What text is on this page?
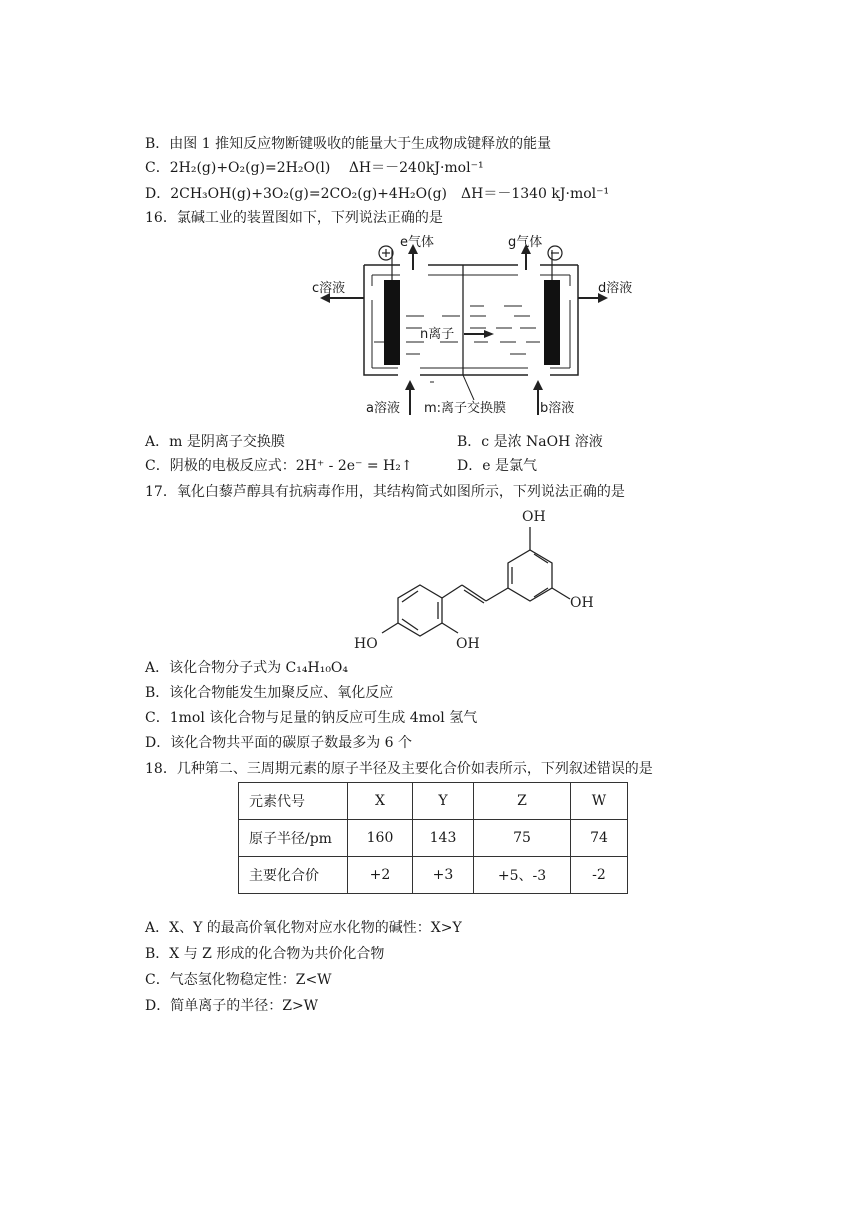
B．由图 1 推知反应物断键吸收的能量大于生成物成键释放的能量
C．2H₂(g)+O₂(g)=2H₂O(l)　 ΔH＝－240kJ·mol⁻¹
D．2CH₃OH(g)+3O₂(g)=2CO₂(g)+4H₂O(g)　ΔH＝－1340 kJ·mol⁻¹
16．氯碱工业的装置图如下，下列说法正确的是
e气体	g气体
c溶液	d溶液
n离子
a溶液 m:离子交换膜	b溶液
A．m 是阴离子交换膜	B．c 是浓 NaOH 溶液
C．阴极的电极反应式：2H⁺ - 2e⁻ = H₂↑	D．e 是氯气
17．氧化白藜芦醇具有抗病毒作用，其结构简式如图所示，下列说法正确的是
OH
OH
OH
HO
A．该化合物分子式为 C₁₄H₁₀O₄
B．该化合物能发生加聚反应、氧化反应
C．1mol 该化合物与足量的钠反应可生成 4mol 氢气
D．该化合物共平面的碳原子数最多为 6 个
18．几种第二、三周期元素的原子半径及主要化合价如表所示，下列叙述错误的是
元素代号	X	Y	Z	W
原子半径/pm	160	143	75	74
主要化合价	+2	+3	+5、-3	-2
A．X、Y 的最高价氧化物对应水化物的碱性：X>Y
B．X 与 Z 形成的化合物为共价化合物
C．气态氢化物稳定性：Z<W
D．简单离子的半径：Z>W
